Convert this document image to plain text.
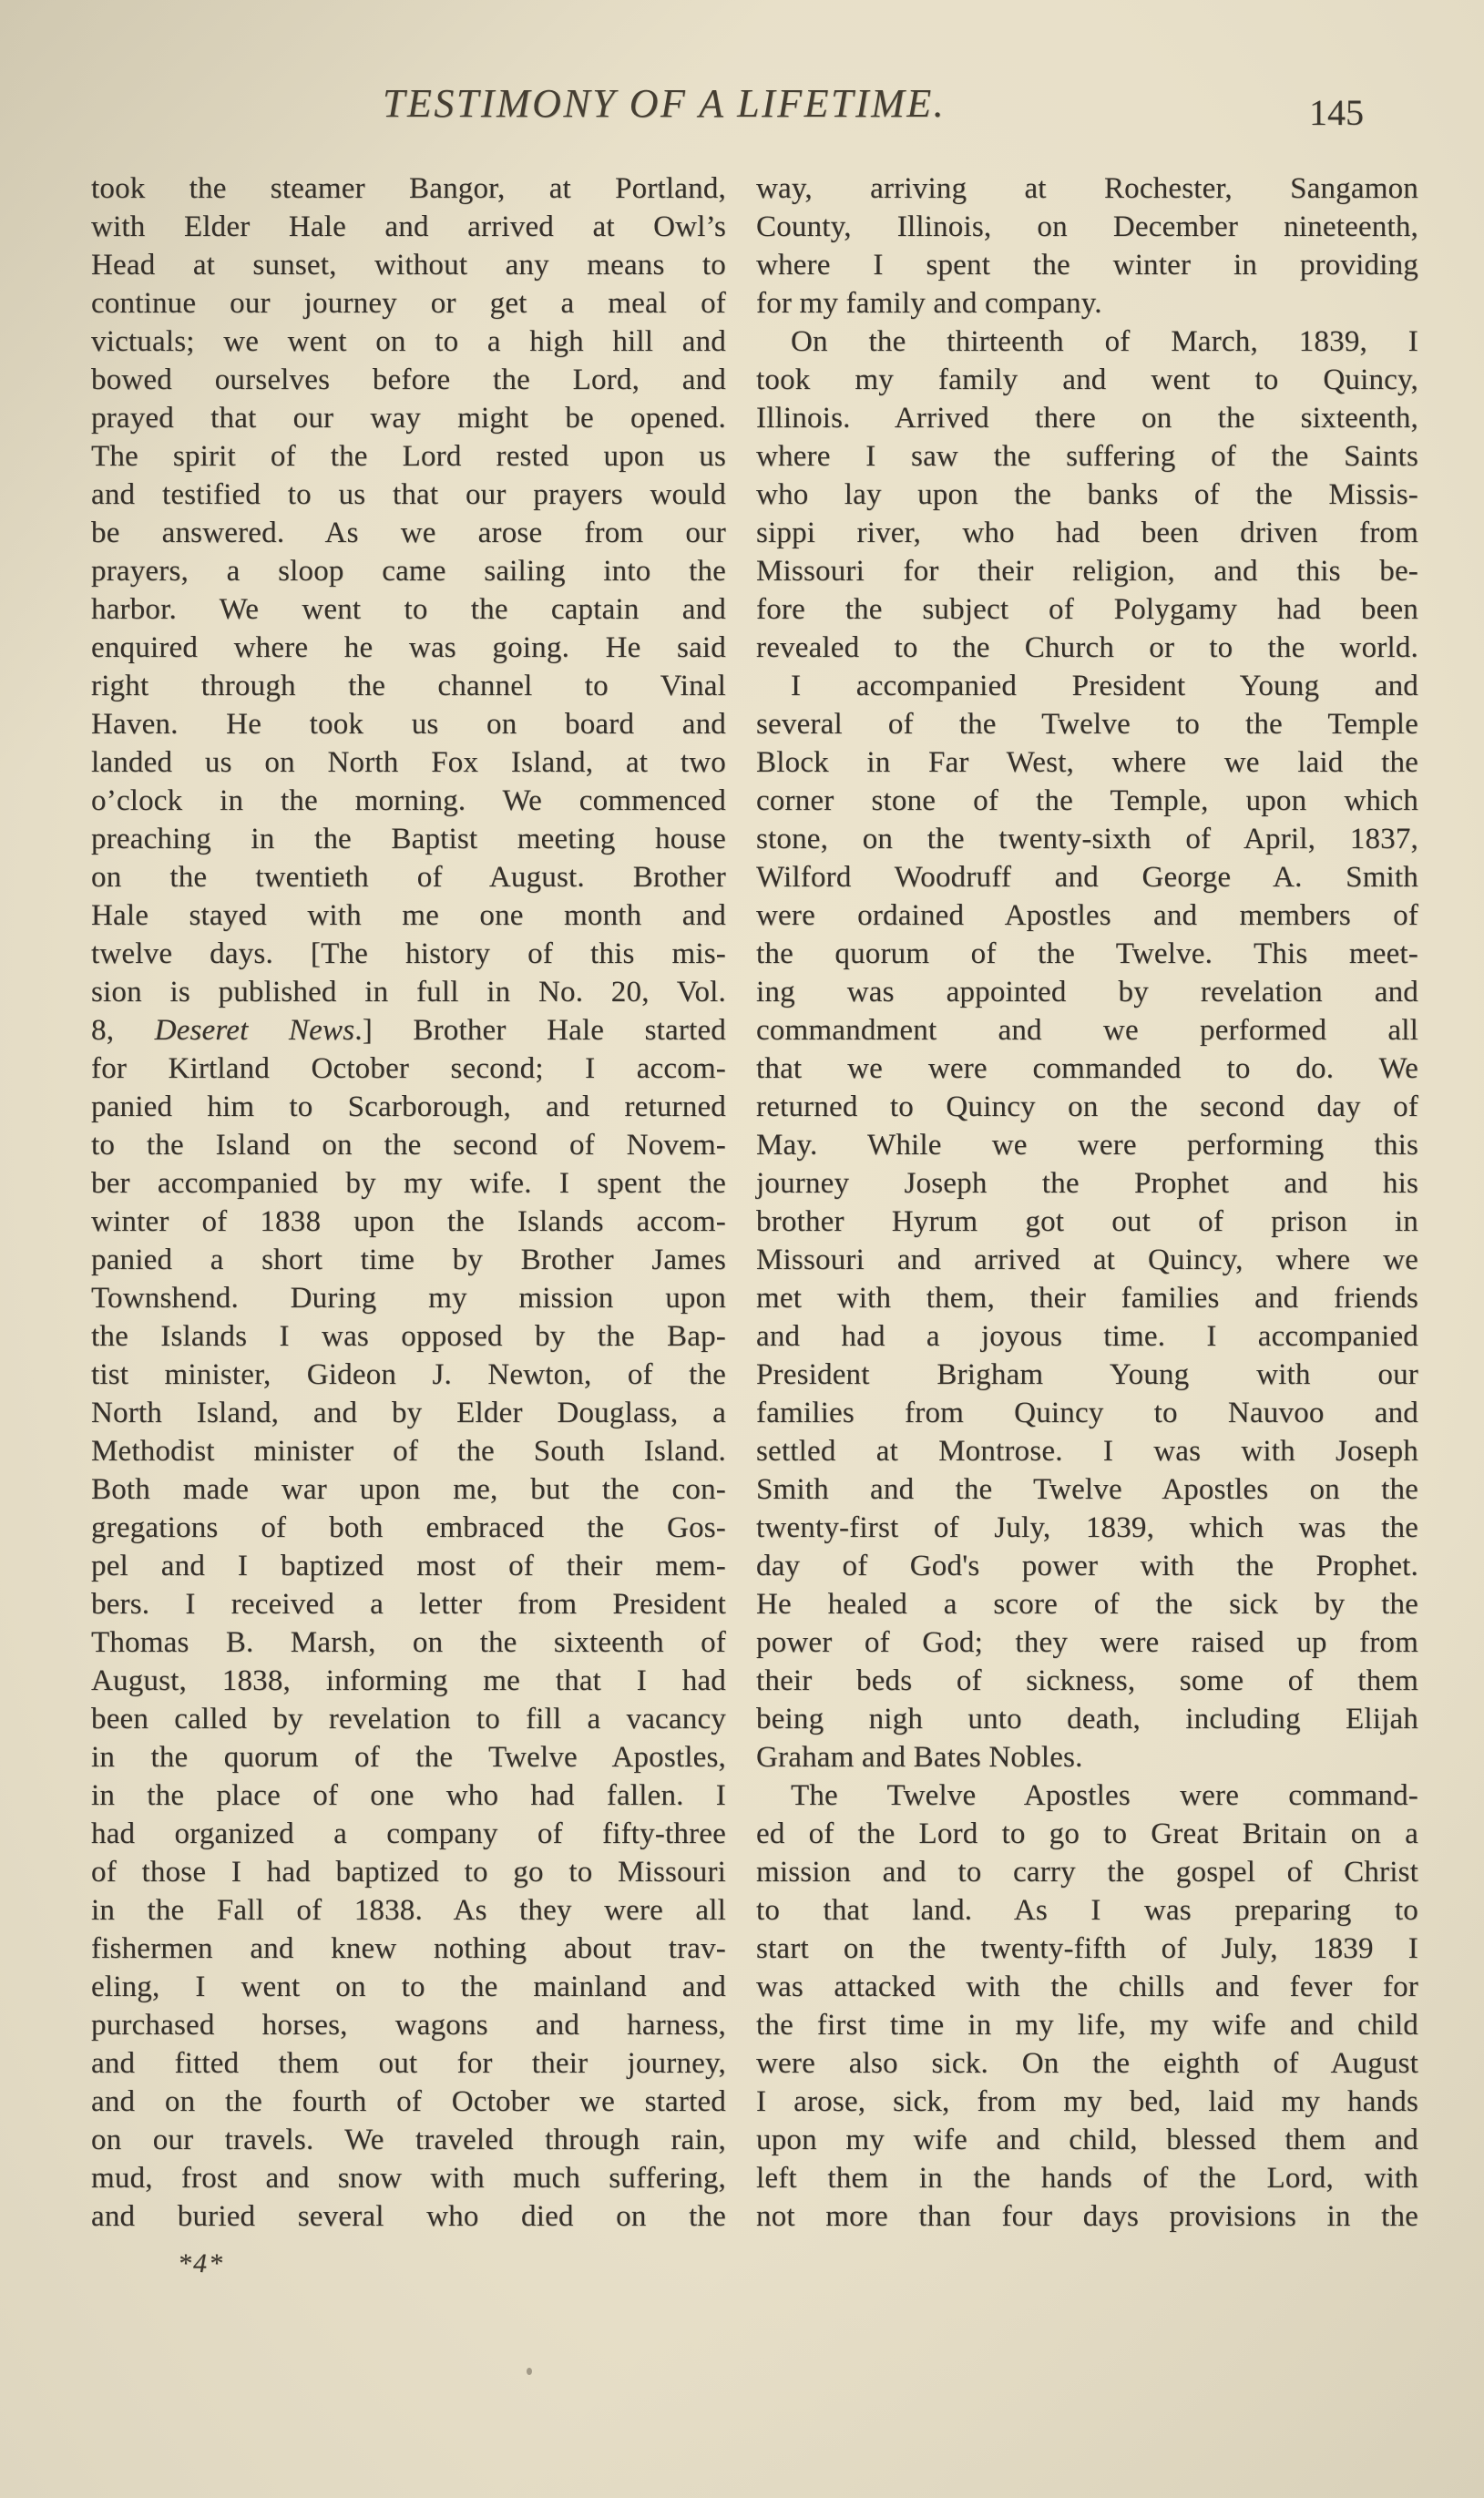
TESTIMONY OF A LIFETIME.	145
took the steamer Bangor, at Portland,
with Elder Hale and arrived at Owl’s
Head at sunset, without any means to
continue our journey or get a meal of
victuals; we went on to a high hill and
bowed ourselves before the Lord, and
prayed that our way might be opened.
The spirit of the Lord rested upon us
and testified to us that our prayers would
be answered. As we arose from our
prayers, a sloop came sailing into the
harbor. We went to the captain and
enquired where he was going. He said
right through the channel to Vinal
Haven. He took us on board and
landed us on North Fox Island, at two
o’clock in the morning. We commenced
preaching in the Baptist meeting house
on the twentieth of August. Brother
Hale stayed with me one month and
twelve days. [The history of this mis-
sion is published in full in No. 20, Vol.
8, Deseret News.] Brother Hale started
for Kirtland October second; I accom-
panied him to Scarborough, and returned
to the Island on the second of Novem-
ber accompanied by my wife. I spent the
winter of 1838 upon the Islands accom-
panied a short time by Brother James
Townshend. During my mission upon
the Islands I was opposed by the Bap-
tist minister, Gideon J. Newton, of the
North Island, and by Elder Douglass, a
Methodist minister of the South Island.
Both made war upon me, but the con-
gregations of both embraced the Gos-
pel and I baptized most of their mem-
bers. I received a letter from President
Thomas B. Marsh, on the sixteenth of
August, 1838, informing me that I had
been called by revelation to fill a vacancy
in the quorum of the Twelve Apostles,
in the place of one who had fallen. I
had organized a company of fifty-three
of those I had baptized to go to Missouri
in the Fall of 1838. As they were all
fishermen and knew nothing about trav-
eling, I went on to the mainland and
purchased horses, wagons and harness,
and fitted them out for their journey,
and on the fourth of October we started
on our travels. We traveled through rain,
mud, frost and snow with much suffering,
and buried several who died on the
way, arriving at Rochester, Sangamon
County, Illinois, on December nineteenth,
where I spent the winter in providing
for my family and company.
On the thirteenth of March, 1839, I
took my family and went to Quincy,
Illinois. Arrived there on the sixteenth,
where I saw the suffering of the Saints
who lay upon the banks of the Missis-
sippi river, who had been driven from
Missouri for their religion, and this be-
fore the subject of Polygamy had been
revealed to the Church or to the world.
I accompanied President Young and
several of the Twelve to the Temple
Block in Far West, where we laid the
corner stone of the Temple, upon which
stone, on the twenty-sixth of April, 1837,
Wilford Woodruff and George A. Smith
were ordained Apostles and members of
the quorum of the Twelve. This meet-
ing was appointed by revelation and
commandment and we performed all
that we were commanded to do. We
returned to Quincy on the second day of
May. While we were performing this
journey Joseph the Prophet and his
brother Hyrum got out of prison in
Missouri and arrived at Quincy, where we
met with them, their families and friends
and had a joyous time. I accompanied
President Brigham Young with our
families from Quincy to Nauvoo and
settled at Montrose. I was with Joseph
Smith and the Twelve Apostles on the
twenty-first of July, 1839, which was the
day of God's power with the Prophet.
He healed a score of the sick by the
power of God; they were raised up from
their beds of sickness, some of them
being nigh unto death, including Elijah
Graham and Bates Nobles.
The Twelve Apostles were command-
ed of the Lord to go to Great Britain on a
mission and to carry the gospel of Christ
to that land. As I was preparing to
start on the twenty-fifth of July, 1839 I
was attacked with the chills and fever for
the first time in my life, my wife and child
were also sick. On the eighth of August
I arose, sick, from my bed, laid my hands
upon my wife and child, blessed them and
left them in the hands of the Lord, with
not more than four days provisions in the
*4*
